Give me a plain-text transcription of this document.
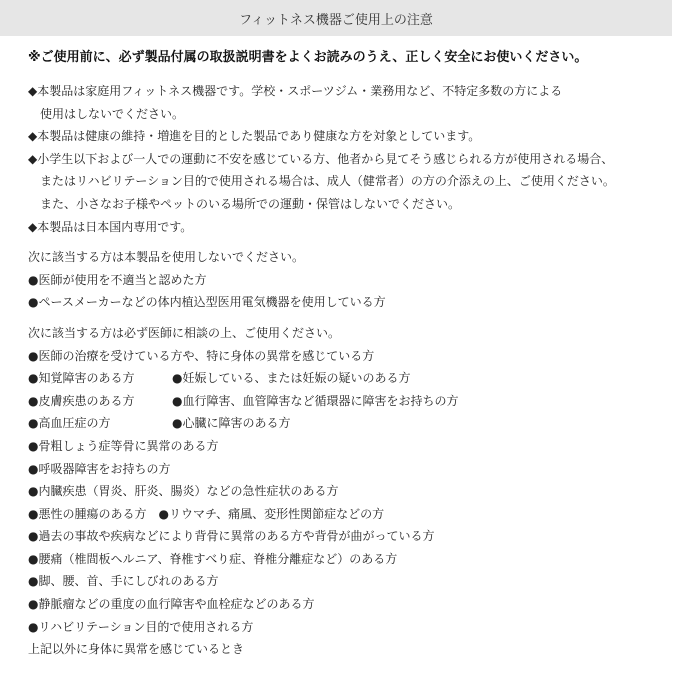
フィットネス機器ご使用上の注意
※ご使用前に、必ず製品付属の取扱説明書をよくお読みのうえ、正しく安全にお使いください。
◆本製品は家庭用フィットネス機器です。学校・スポーツジム・業務用など、不特定多数の方による
使用はしないでください。
◆本製品は健康の維持・増進を目的とした製品であり健康な方を対象としています。
◆小学生以下および一人での運動に不安を感じている方、他者から見てそう感じられる方が使用される場合、
またはリハビリテーション目的で使用される場合は、成人（健常者）の方の介添えの上、ご使用ください。
また、小さなお子様やペットのいる場所での運動・保管はしないでください。
◆本製品は日本国内専用です。
次に該当する方は本製品を使用しないでください。
●医師が使用を不適当と認めた方
●ペースメーカーなどの体内植込型医用電気機器を使用している方
次に該当する方は必ず医師に相談の上、ご使用ください。
●医師の治療を受けている方や、特に身体の異常を感じている方
●知覚障害のある方	●妊娠している、または妊娠の疑いのある方
●皮膚疾患のある方	●血行障害、血管障害など循環器に障害をお持ちの方
●高血圧症の方	●心臓に障害のある方
●骨粗しょう症等骨に異常のある方
●呼吸器障害をお持ちの方
●内臓疾患（胃炎、肝炎、腸炎）などの急性症状のある方
●悪性の腫瘍のある方　●リウマチ、痛風、変形性関節症などの方
●過去の事故や疾病などにより背骨に異常のある方や背骨が曲がっている方
●腰痛（椎間板ヘルニア、脊椎すべり症、脊椎分離症など）のある方
●脚、腰、首、手にしびれのある方
●静脈瘤などの重度の血行障害や血栓症などのある方
●リハビリテーション目的で使用される方
上記以外に身体に異常を感じているとき
